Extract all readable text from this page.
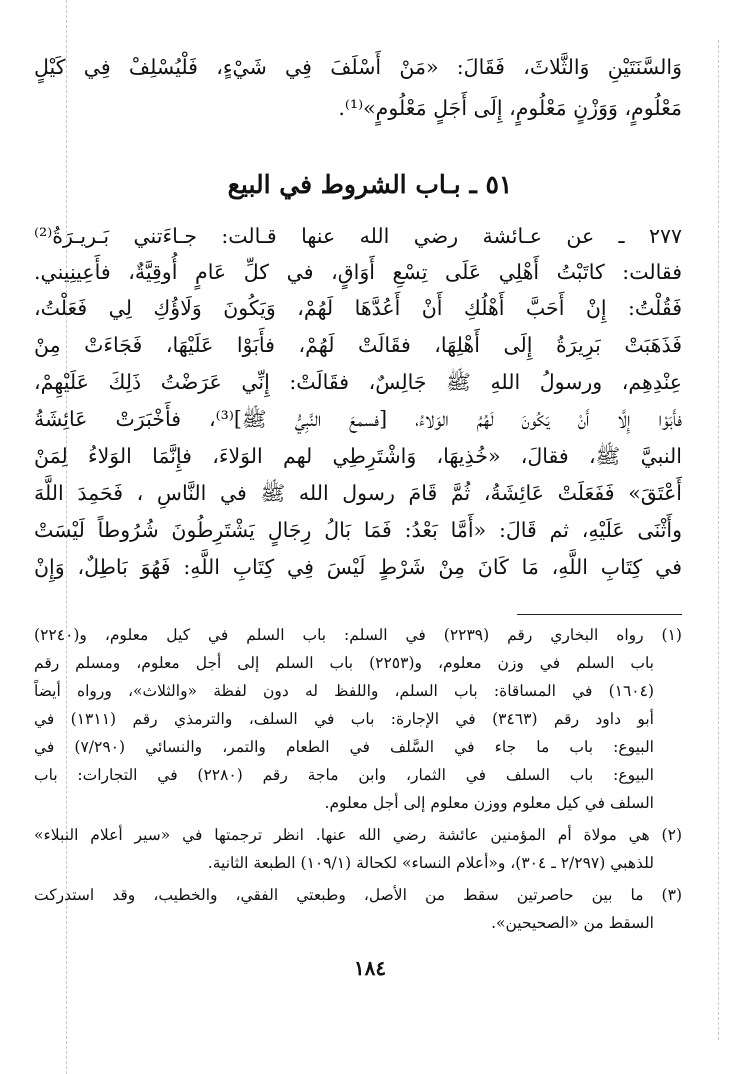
وَالسَّنَتَيْنِ وَالثَّلاثَ، فَقَالَ: «مَنْ أَسْلَفَ فِي شَيْءٍ، فَلْيُسْلِفْ فِي كَيْلٍ
مَعْلُومٍ، وَوَزْنٍ مَعْلُومٍ، إِلَى أَجَلٍ مَعْلُومٍ»⁽¹⁾.
٥١ ـ بـاب الشروط في البيع
٢٧٧ ـ عن عـائشة رضي الله عنها قـالت: جـاءَتني بَـريـرَةُ⁽²⁾
فقالت: كاتَبْتُ أَهْلِي عَلَى تِسْعِ أَوَاقٍ، في كلِّ عَامٍ أُوقِيَّةٌ، فأَعِينِيني.
فَقُلْتُ: إِنْ أَحَبَّ أَهْلُكِ أَنْ أَعُدَّهَا لَهُمْ، وَيَكُونَ وَلَاؤُكِ لِي فَعَلْتُ،
فَذَهَبَتْ بَرِيرَةُ إِلَى أَهْلِهَا، فقَالَتْ لَهُمْ، فأَبَوْا عَلَيْهَا، فَجَاءَتْ مِنْ
عِنْدِهِم، ورسولُ اللهِ ﷺ جَالِسٌ، فقَالَتْ: إِنِّي عَرَضْتُ ذَلِكَ عَلَيْهِمْ،
فأَبَوْا إِلَّا أَنْ يَكُونَ لَهُمُ الوَلاءُ، [فسمعَ النَّبِيُّ ﷺ]⁽³⁾، فأَخْبَرَتْ عَائِشَةُ
النبيَّ ﷺ، فقالَ، «خُذِيهَا، وَاشْتَرِطِي لهم الوَلاءَ، فإِنَّمَا الوَلاءُ لِمَنْ
أَعْتَقَ» فَفَعَلَتْ عَائِشَةُ، ثُمَّ قَامَ رسول الله ﷺ في النَّاسِ ، فَحَمِدَ اللَّهَ
وأَثْنَى عَلَيْهِ، ثم قَالَ: «أَمَّا بَعْدُ: فَمَا بَالُ رِجَالٍ يَشْتَرِطُونَ شُرُوطاً لَيْسَتْ
في كِتَابِ اللَّهِ، مَا كَانَ مِنْ شَرْطٍ لَيْسَ فِي كِتَابِ اللَّهِ: فَهُوَ بَاطِلٌ، وَإِنْ
(١) رواه البخاري رقم (٢٢٣٩) في السلم: باب السلم في كيل معلوم، و(٢٢٤٠)
باب السلم في وزن معلوم، و(٢٢٥٣) باب السلم إلى أجل معلوم، ومسلم رقم
(١٦٠٤) في المساقاة: باب السلم، واللفظ له دون لفظة «والثلاث»، ورواه أيضاً
أبو داود رقم (٣٤٦٣) في الإجارة: باب في السلف، والترمذي رقم (١٣١١) في
البيوع: باب ما جاء في السَّلف في الطعام والتمر، والنسائي (٧/٢٩٠) في
البيوع: باب السلف في الثمار، وابن ماجة رقم (٢٢٨٠) في التجارات: باب
السلف في كيل معلوم ووزن معلوم إلى أجل معلوم.
(٢) هي مولاة أم المؤمنين عائشة رضي الله عنها. انظر ترجمتها في «سير أعلام النبلاء»
للذهبي (٢/٢٩٧ ـ ٣٠٤)، و«أعلام النساء» لكحالة (١٠٩/١) الطبعة الثانية.
(٣) ما بين حاصرتين سقط من الأصل، وطبعتي الفقي، والخطيب، وقد استدركت
السقط من «الصحيحين».
١٨٤
